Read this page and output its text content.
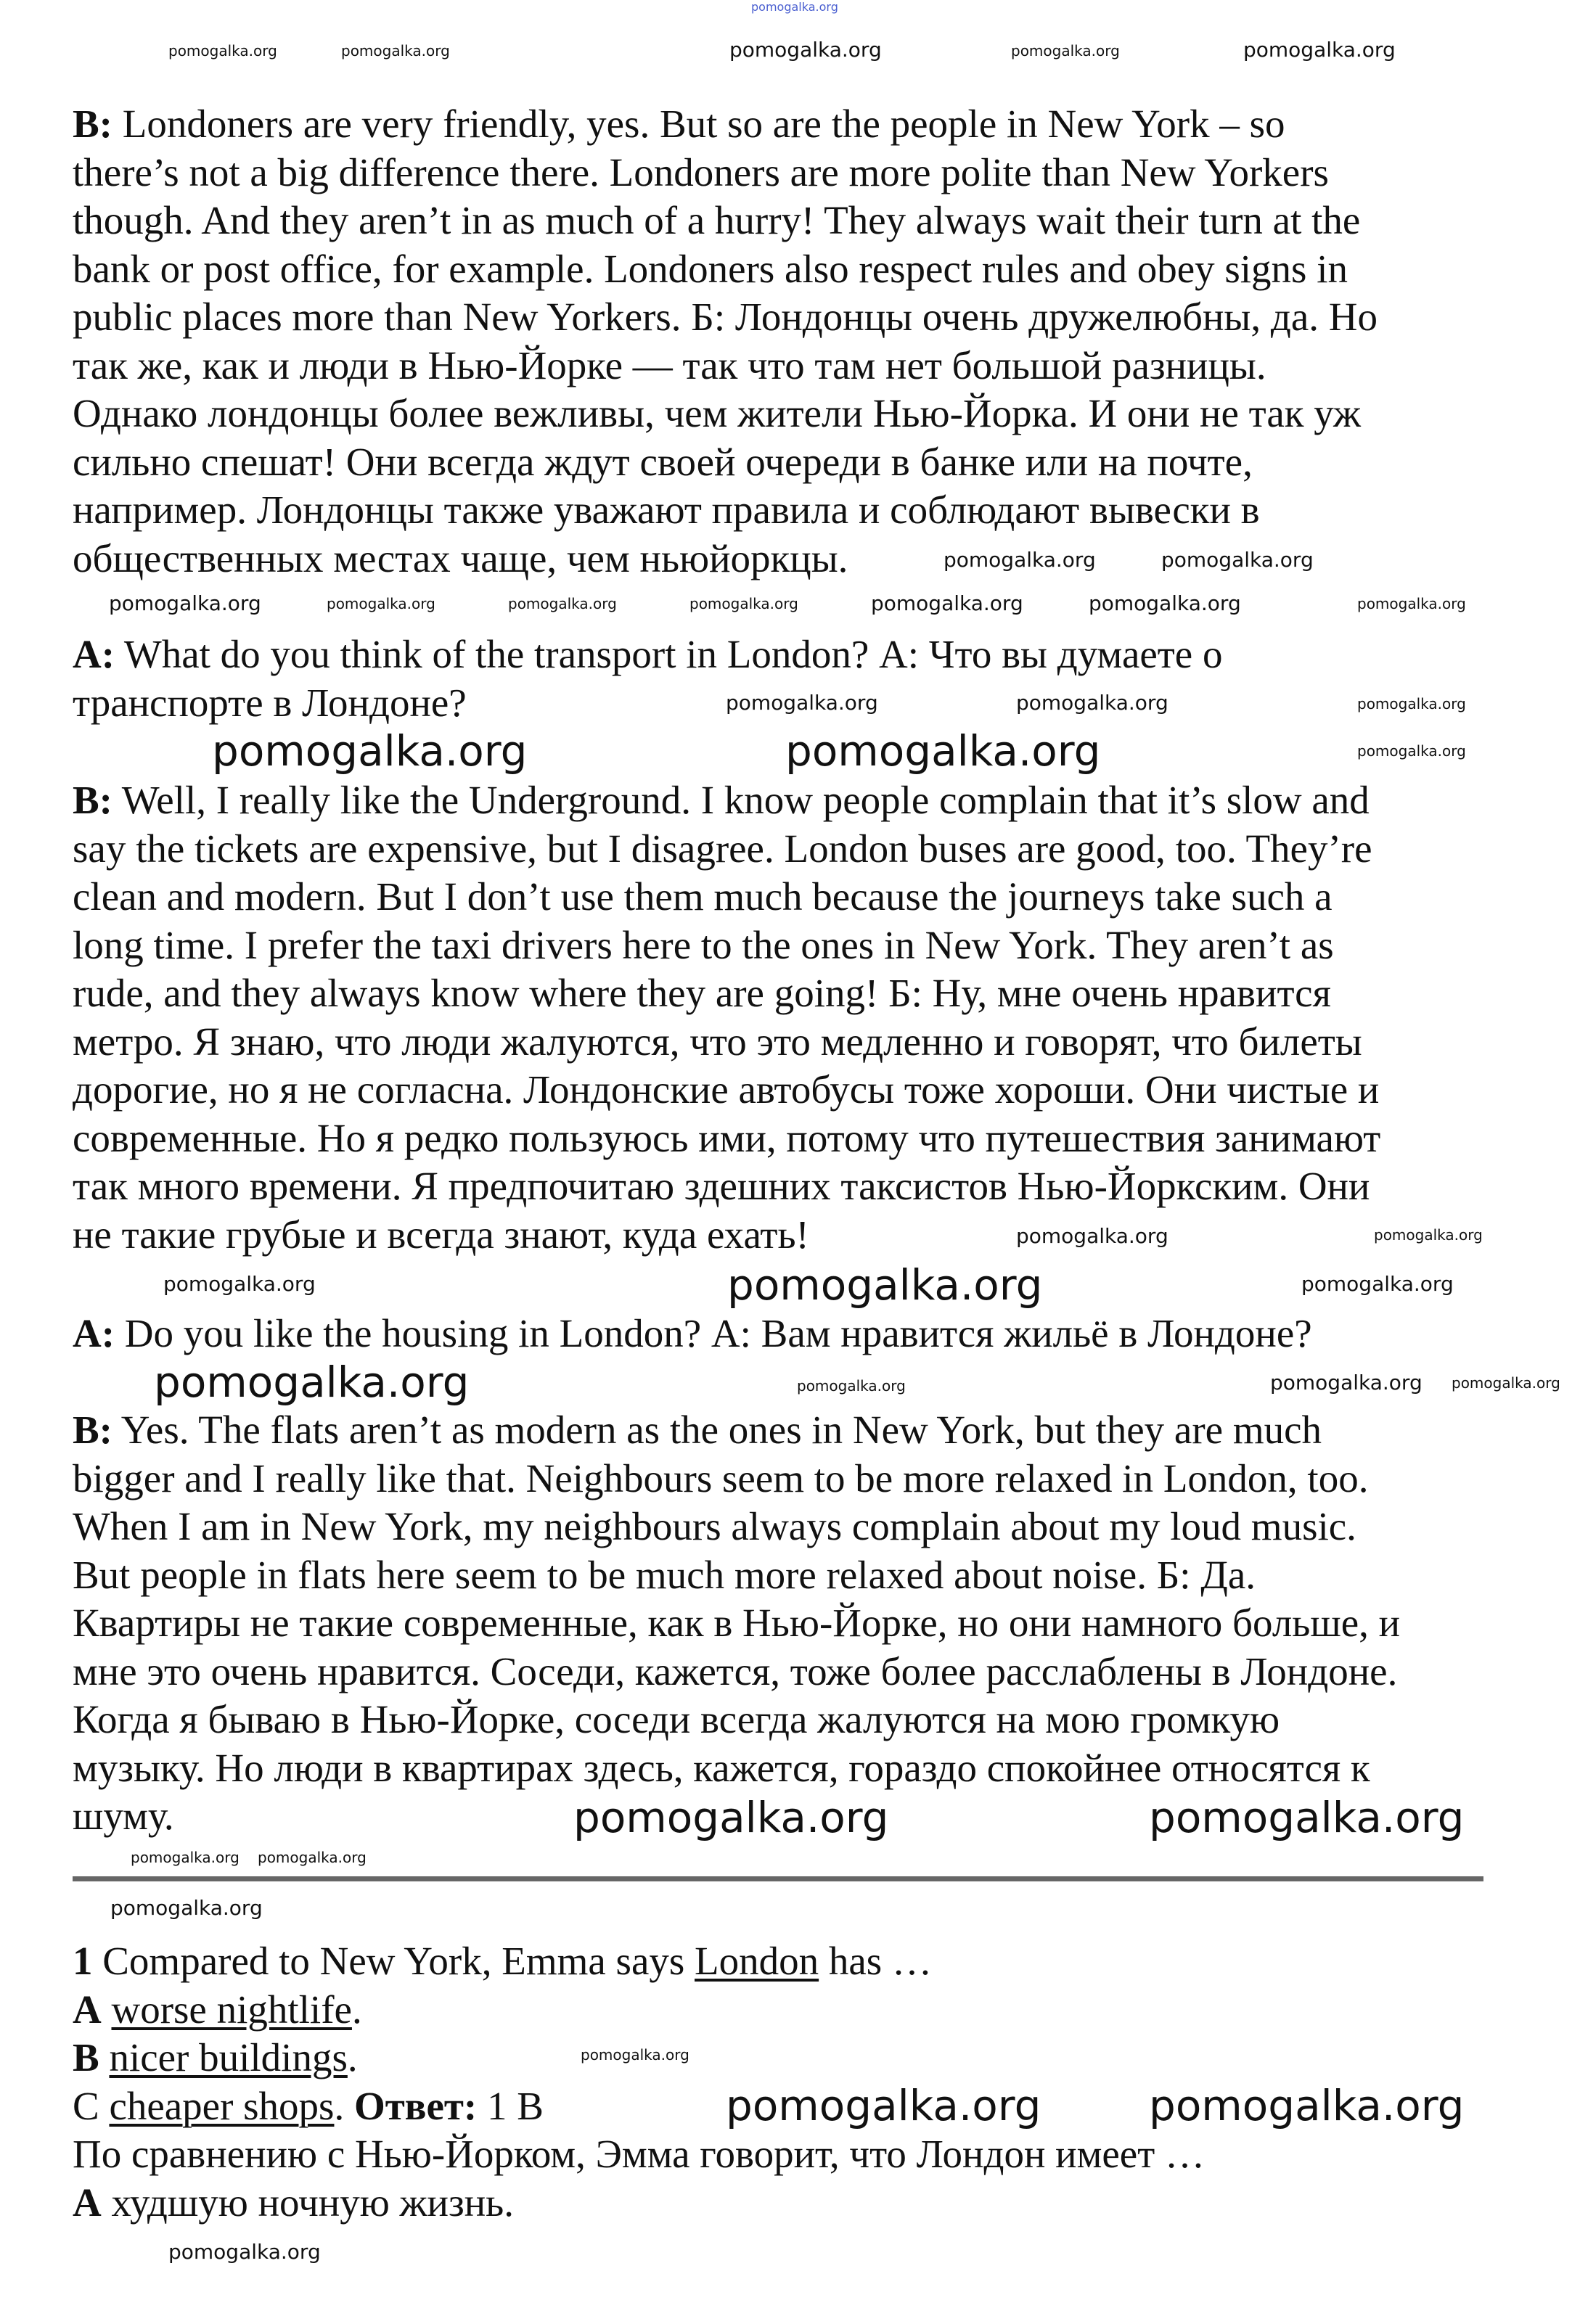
pomogalka.org
B: Londoners are very friendly, yes. But so are the people in New York – so
there’s not a big difference there. Londoners are more polite than New Yorkers
though. And they aren’t in as much of a hurry! They always wait their turn at the
bank or post office, for example. Londoners also respect rules and obey signs in
public places more than New Yorkers. Б: Лондонцы очень дружелюбны, да. Но
так же, как и люди в Нью-Йорке — так что там нет большой разницы.
Однако лондонцы более вежливы, чем жители Нью-Йорка. И они не так уж
сильно спешат! Они всегда ждут своей очереди в банке или на почте,
например. Лондонцы также уважают правила и соблюдают вывески в
общественных местах чаще, чем ньюйоркцы.
A: What do you think of the transport in London? А: Что вы думаете о
транспорте в Лондоне?
B: Well, I really like the Underground. I know people complain that it’s slow and
say the tickets are expensive, but I disagree. London buses are good, too. They’re
clean and modern. But I don’t use them much because the journeys take such a
long time. I prefer the taxi drivers here to the ones in New York. They aren’t as
rude, and they always know where they are going! Б: Ну, мне очень нравится
метро. Я знаю, что люди жалуются, что это медленно и говорят, что билеты
дорогие, но я не согласна. Лондонские автобусы тоже хороши. Они чистые и
современные. Но я редко пользуюсь ими, потому что путешествия занимают
так много времени. Я предпочитаю здешних таксистов Нью-Йоркским. Они
не такие грубые и всегда знают, куда ехать!
A: Do you like the housing in London? А: Вам нравится жильё в Лондоне?
B: Yes. The flats aren’t as modern as the ones in New York, but they are much
bigger and I really like that. Neighbours seem to be more relaxed in London, too.
When I am in New York, my neighbours always complain about my loud music.
But people in flats here seem to be much more relaxed about noise. Б: Да.
Квартиры не такие современные, как в Нью-Йорке, но они намного больше, и
мне это очень нравится. Соседи, кажется, тоже более расслаблены в Лондоне.
Когда я бываю в Нью-Йорке, соседи всегда жалуются на мою громкую
музыку. Но люди в квартирах здесь, кажется, гораздо спокойнее относятся к
шуму.
1 Compared to New York, Emma says London has …
A worse nightlife.
B nicer buildings.
C cheaper shops. Ответ: 1 B
По сравнению с Нью-Йорком, Эмма говорит, что Лондон имеет …
A худшую ночную жизнь.
pomogalka.org	pomogalka.org	pomogalka.org	pomogalka.org	pomogalka.org
pomogalka.org
pomogalka.org	pomogalka.org	pomogalka.org	pomogalka.org
pomogalka.org	pomogalka.org
pomogalka.org
pomogalka.org	pomogalka.org
pomogalka.org
pomogalka.org
pomogalka.org	pomogalka.org	pomogalka.org
pomogalka.org
pomogalka.org	pomogalka.org
pomogalka.org
pomogalka.org
pomogalka.org
pomogalka.org	pomogalka.org
pomogalka.org
pomogalka.org pomogalka.org
pomogalka.org	pomogalka.org
pomogalka.org
pomogalka.org
pomogalka.org	pomogalka.org
pomogalka.org
